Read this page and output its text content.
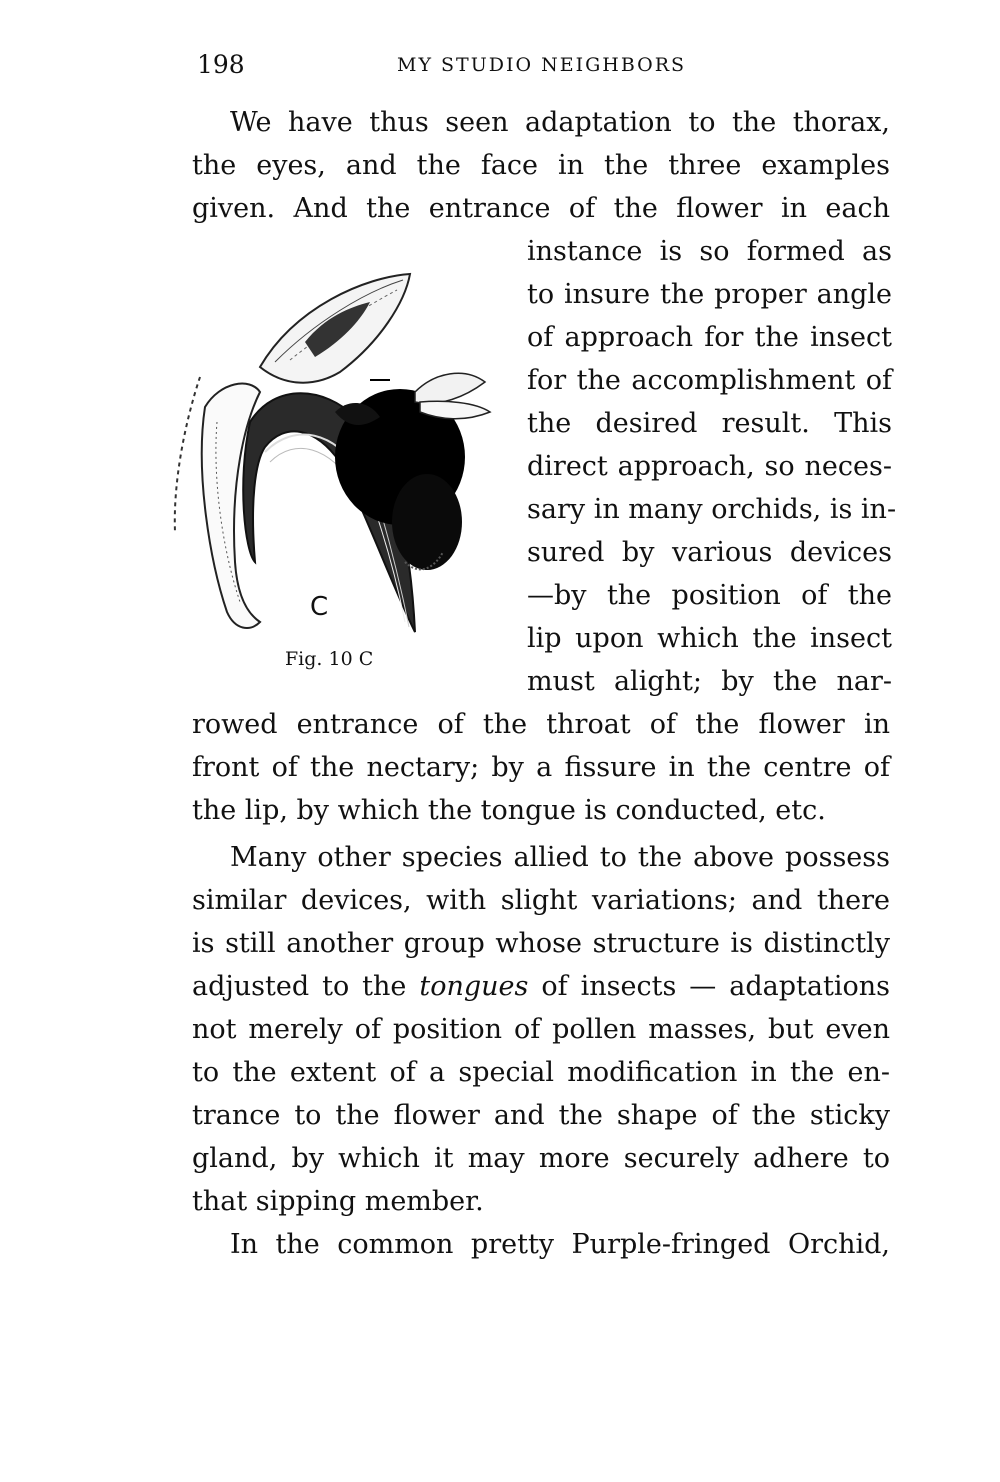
198	MY STUDIO NEIGHBORS
We have thus seen adaptation to the thorax,
the eyes, and the face in the three examples
given. And the entrance of the flower in each
instance is so formed as
to insure the proper angle
of approach for the insect
for the accomplishment of
the desired result. This
direct approach, so neces-
sary in many orchids, is in-
sured by various devices
—by the position of the
lip upon which the insect
must alight; by the nar-
rowed entrance of the throat of the flower in
front of the nectary; by a fissure in the centre of
the lip, by which the tongue is conducted, etc.
C
Fig. 10 C
Many other species allied to the above possess
similar devices, with slight variations; and there
is still another group whose structure is distinctly
adjusted to the tongues of insects — adaptations
not merely of position of pollen masses, but even
to the extent of a special modification in the en-
trance to the flower and the shape of the sticky
gland, by which it may more securely adhere to
that sipping member.
In the common pretty Purple-fringed Orchid,
